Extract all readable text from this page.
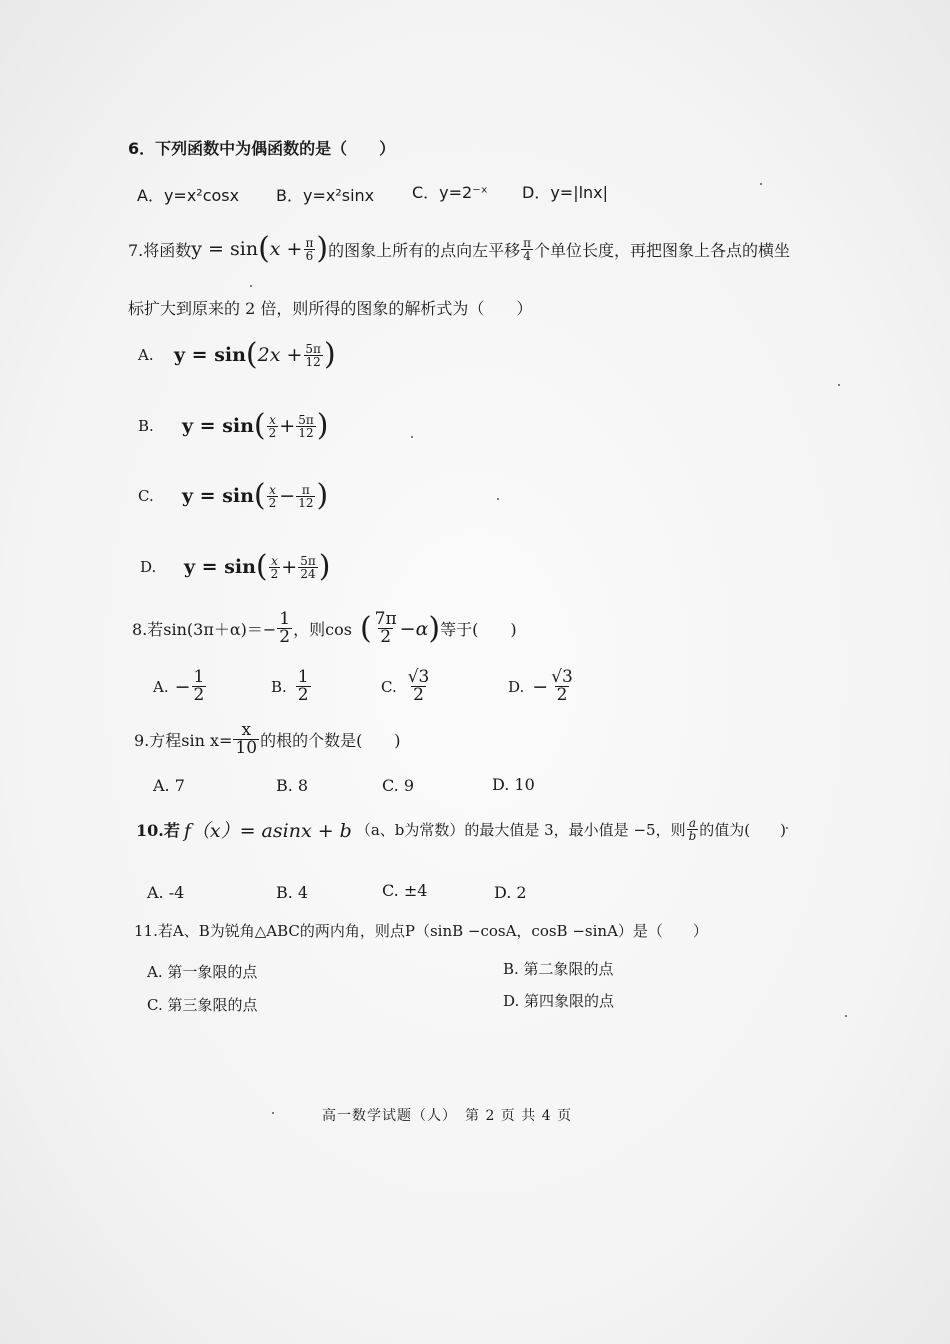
6．下列函数中为偶函数的是（　　）
A．y=x²cosx B．y=x²sinx C．y=2⁻ˣ D．y=|lnx|
7.将函数 y = sin ( $x + \frac{\pi}{6}$ ) 的图象上所有的点向左平移 $\frac{\pi}{4}$ 个单位长度，再把图象上各点的横坐
标扩大到原来的 2 倍，则所得的图象的解析式为（　　）
A.	y = sin ( $2x + \frac{5\pi}{12}$ )
B.	y = sin ( $\frac{x}{2} + \frac{5\pi}{12}$ )
C.	y = sin ( $\frac{x}{2} - \frac{\pi}{12}$ )
D.	y = sin ( $\frac{x}{2} + \frac{5\pi}{24}$ )
8.若$\sin(3\pi+\alpha)=- \frac{1}{2}$ ，则cos ( $\frac{7\pi}{2} -\alpha$ ) 等于(　　)
A. − $\frac{1}{2}$	B. $\frac{1}{2}$	C. $\frac{√3}{2}$	D. − $\frac{√3}{2}$
9.方程$\sin x= \frac{x}{10}$ 的根的个数是(　　)
A. 7	B. 8	C. 9	D. 10
10.若 f（x）= asinx + b （a、b为常数）的最大值是 3，最小值是 −5，则 $\frac{a}{b}$ 的值为(　　)
A. -4	B. 4	C. ±4	D. 2
11.若A、B为锐角△ABC的两内角，则点P（sinB −cosA，cosB −sinA）是（　　）
A. 第一象限的点	B. 第二象限的点
C. 第三象限的点	D. 第四象限的点
高一数学试题（人）　第 2 页 共 4 页
